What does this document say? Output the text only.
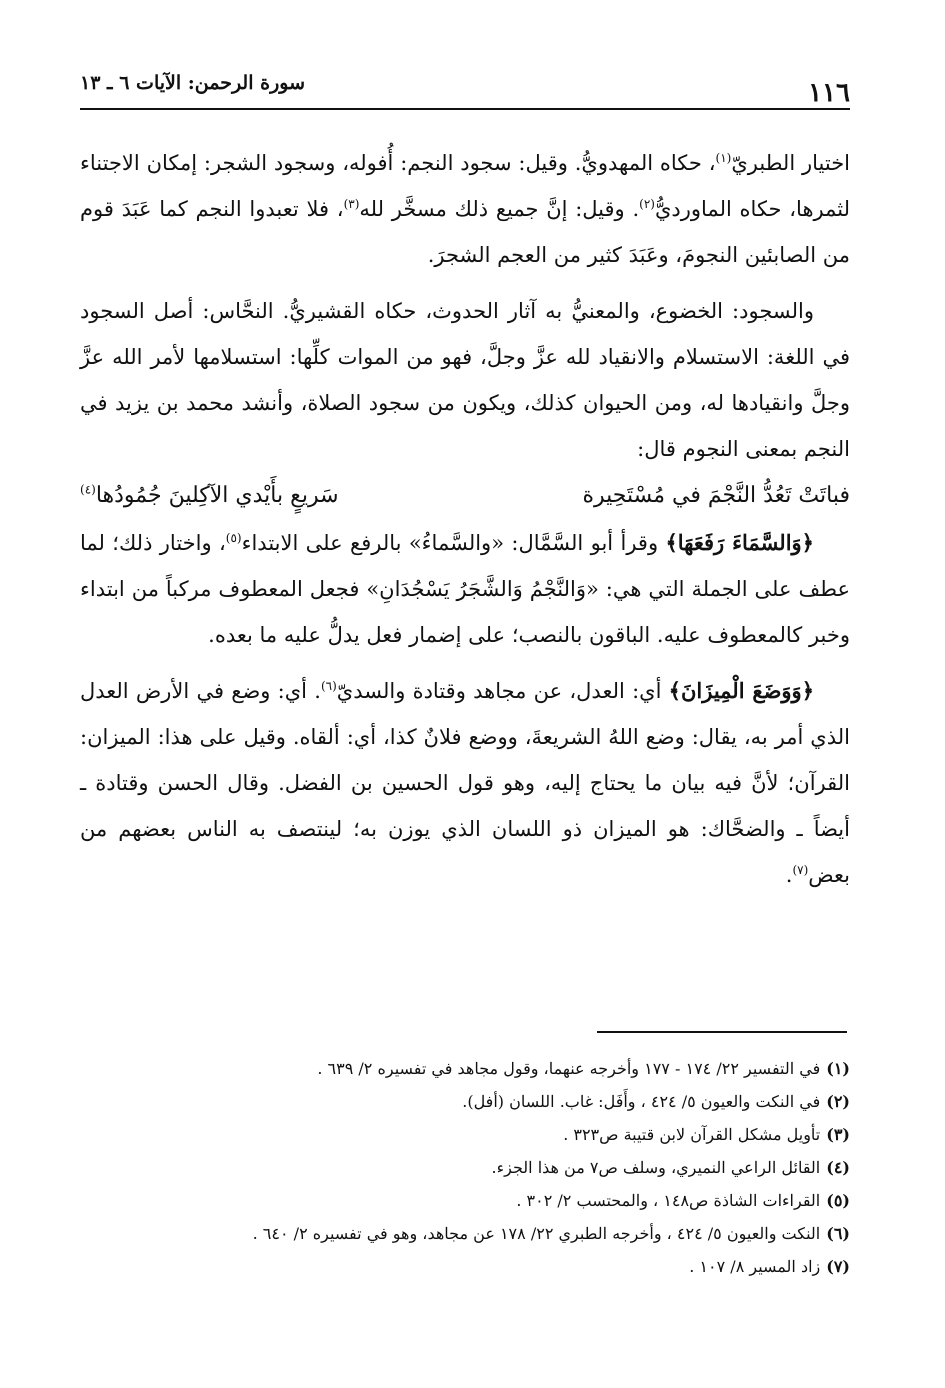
١١٦
سورة الرحمن: الآيات ٦ ـ ١٣

اختيار الطبريّ$^{(١)}$، حكاه المهدويُّ. وقيل: سجود النجم: أُفوله، وسجود الشجر: إمكان الاجتناء لثمرها، حكاه الماورديُّ$^{(٢)}$. وقيل: إنَّ جميع ذلك مسخَّر لله$^{(٣)}$، فلا تعبدوا النجم كما عَبَدَ قوم من الصابئين النجومَ، وعَبَدَ كثير من العجم الشجرَ.

والسجود: الخضوع، والمعنيُّ به آثار الحدوث، حكاه القشيريُّ. النحَّاس: أصل السجود في اللغة: الاستسلام والانقياد لله عزَّ وجلَّ، فهو من الموات كلِّها: استسلامها لأمر الله عزَّ وجلَّ وانقيادها له، ومن الحيوان كذلك، ويكون من سجود الصلاة، وأنشد محمد بن يزيد في النجم بمعنى النجوم قال:

فباتَتْ تَعُدُّ النَّجْمَ في مُسْتَحِيرة
سَريعٍ بأَيْدي الآكِلينَ جُمُودُها$^{(٤)}$

﴿وَالسَّمَاءَ رَفَعَهَا﴾ وقرأ أبو السَّمَّال: «والسَّماءُ» بالرفع على الابتداء$^{(٥)}$، واختار ذلك؛ لما عطف على الجملة التي هي: «وَالنَّجْمُ وَالشَّجَرُ يَسْجُدَانِ» فجعل المعطوف مركباً من ابتداء وخبر كالمعطوف عليه. الباقون بالنصب؛ على إضمار فعل يدلُّ عليه ما بعده.

﴿وَوَضَعَ الْمِيزَانَ﴾ أي: العدل، عن مجاهد وقتادة والسديّ$^{(٦)}$. أي: وضع في الأرض العدل الذي أمر به، يقال: وضع اللهُ الشريعةَ، ووضع فلانٌ كذا، أي: ألقاه. وقيل على هذا: الميزان: القرآن؛ لأنَّ فيه بيان ما يحتاج إليه، وهو قول الحسين بن الفضل. وقال الحسن وقتادة ـ أيضاً ـ والضحَّاك: هو الميزان ذو اللسان الذي يوزن به؛ لينتصف به الناس بعضهم من بعض$^{(٧)}$.

(١)في التفسير ٢٢/ ١٧٤ - ١٧٧ وأخرجه عنهما، وقول مجاهد في تفسيره ٢/ ٦٣٩ .

(٢)في النكت والعيون ٥/ ٤٢٤ ، وأَفَل: غاب. اللسان (أفل).

(٣)تأويل مشكل القرآن لابن قتيبة ص٣٢٣ .

(٤)القائل الراعي النميري، وسلف ص٧ من هذا الجزء.

(٥)القراءات الشاذة ص١٤٨ ، والمحتسب ٢/ ٣٠٢ .

(٦)النكت والعيون ٥/ ٤٢٤ ، وأخرجه الطبري ٢٢/ ١٧٨ عن مجاهد، وهو في تفسيره ٢/ ٦٤٠ .

(٧)زاد المسير ٨/ ١٠٧ .
